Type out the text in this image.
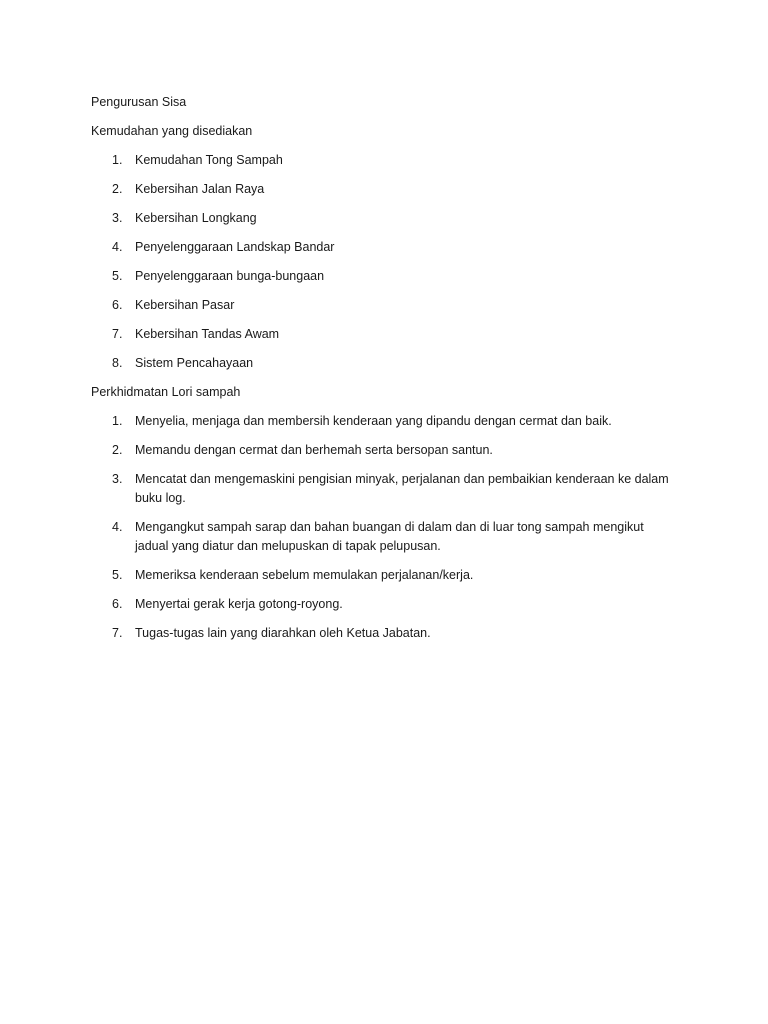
Pengurusan Sisa

Kemudahan yang disediakan

1.	Kemudahan Tong Sampah
2.	Kebersihan Jalan Raya
3.	Kebersihan Longkang
4.	Penyelenggaraan Landskap Bandar
5.	Penyelenggaraan bunga-bungaan
6.	Kebersihan Pasar
7.	Kebersihan Tandas Awam
8.	Sistem Pencahayaan

Perkhidmatan Lori sampah

1.	Menyelia, menjaga dan membersih kenderaan yang dipandu dengan cermat dan baik.
2.	Memandu dengan cermat dan berhemah serta bersopan santun.
3.	Mencatat dan mengemaskini pengisian minyak, perjalanan dan pembaikian kenderaan ke dalam buku log.
4.	Mengangkut sampah sarap dan bahan buangan di dalam dan di luar tong sampah mengikut jadual yang diatur dan melupuskan di tapak pelupusan.
5.	Memeriksa kenderaan sebelum memulakan perjalanan/kerja.
6.	Menyertai gerak kerja gotong-royong.
7.	Tugas-tugas lain yang diarahkan oleh Ketua Jabatan.
